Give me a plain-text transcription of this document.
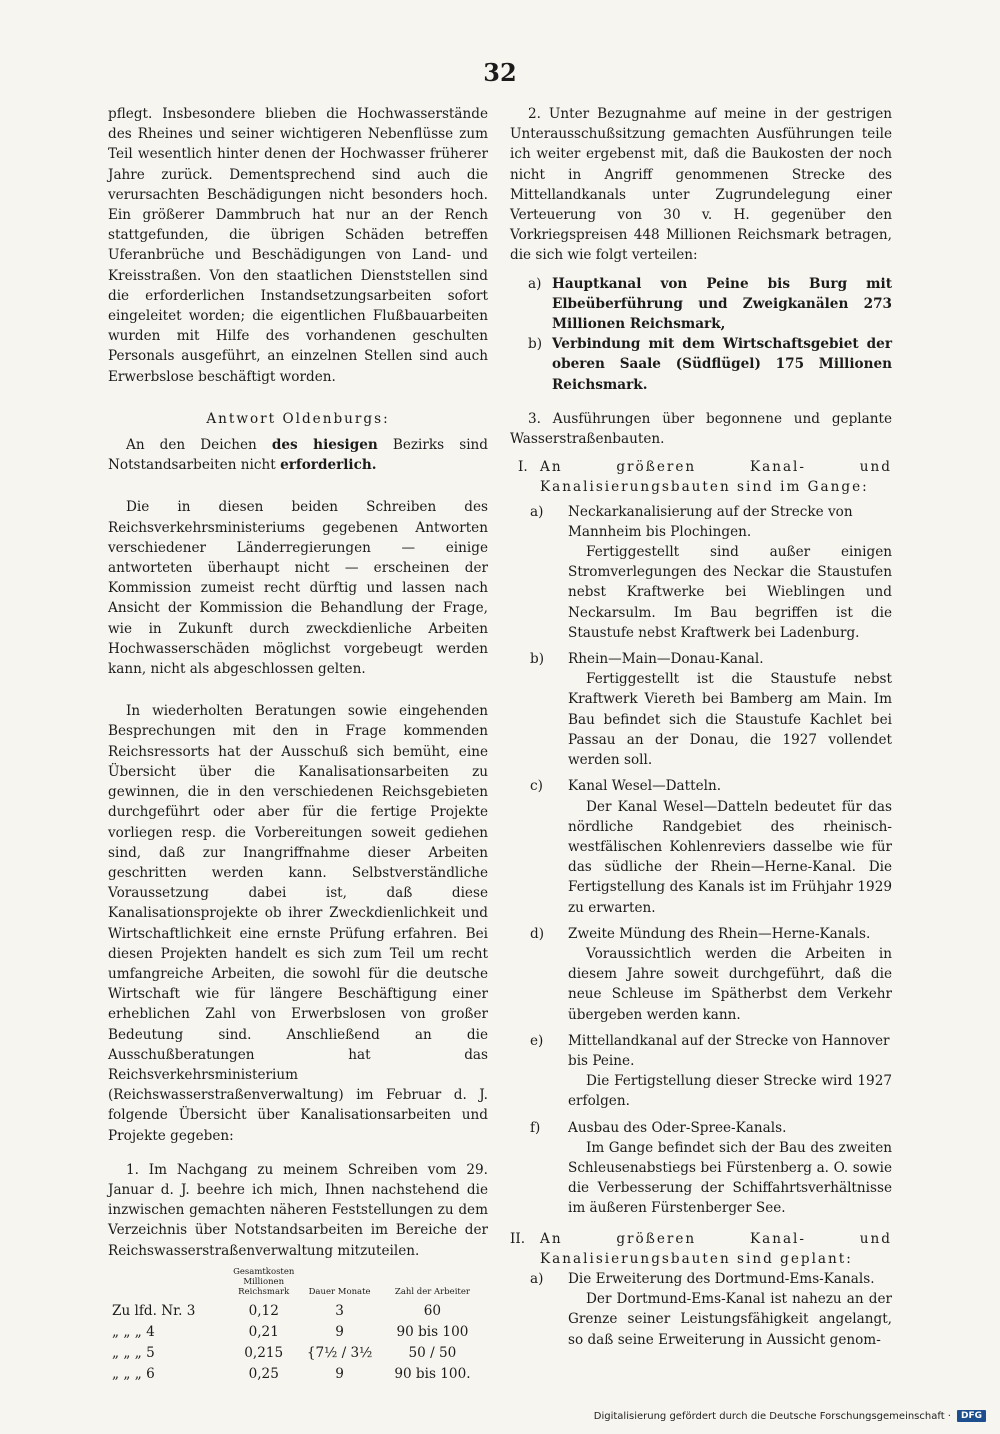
32

pflegt. Insbesondere blieben die Hochwasserstände des Rheines und seiner wichtigeren Nebenflüsse zum Teil wesentlich hinter denen der Hochwasser früherer Jahre zurück. Dementsprechend sind auch die verursachten Beschädigungen nicht besonders hoch. Ein größerer Dammbruch hat nur an der Rench stattgefunden, die übrigen Schäden betreffen Uferanbrüche und Beschädigungen von Land- und Kreisstraßen. Von den staatlichen Dienststellen sind die erforderlichen Instandsetzungsarbeiten sofort eingeleitet worden; die eigentlichen Flußbauarbeiten wurden mit Hilfe des vorhandenen geschulten Personals ausgeführt, an einzelnen Stellen sind auch Erwerbslose beschäftigt worden.

Antwort Oldenburgs:

An den Deichen des hiesigen Bezirks sind Notstandsarbeiten nicht erforderlich.

Die in diesen beiden Schreiben des Reichsverkehrsministeriums gegebenen Antworten verschiedener Länderregierungen — einige antworteten überhaupt nicht — erscheinen der Kommission zumeist recht dürftig und lassen nach Ansicht der Kommission die Behandlung der Frage, wie in Zukunft durch zweckdienliche Arbeiten Hochwasserschäden möglichst vorgebeugt werden kann, nicht als abgeschlossen gelten.

In wiederholten Beratungen sowie eingehenden Besprechungen mit den in Frage kommenden Reichsressorts hat der Ausschuß sich bemüht, eine Übersicht über die Kanalisationsarbeiten zu gewinnen, die in den verschiedenen Reichsgebieten durchgeführt oder aber für die fertige Projekte vorliegen resp. die Vorbereitungen soweit gediehen sind, daß zur Inangriffnahme dieser Arbeiten geschritten werden kann. Selbstverständliche Voraussetzung dabei ist, daß diese Kanalisationsprojekte ob ihrer Zweckdienlichkeit und Wirtschaftlichkeit eine ernste Prüfung erfahren. Bei diesen Projekten handelt es sich zum Teil um recht umfangreiche Arbeiten, die sowohl für die deutsche Wirtschaft wie für längere Beschäftigung einer erheblichen Zahl von Erwerbslosen von großer Bedeutung sind. Anschließend an die Ausschußberatungen hat das Reichsverkehrsministerium (Reichswasserstraßenverwaltung) im Februar d. J. folgende Übersicht über Kanalisationsarbeiten und Projekte gegeben:

1. Im Nachgang zu meinem Schreiben vom 29. Januar d. J. beehre ich mich, Ihnen nachstehend die inzwischen gemachten näheren Feststellungen zu dem Verzeichnis über Notstandsarbeiten im Bereiche der Reichswasserstraßenverwaltung mitzuteilen.

	Gesamtkosten Millionen Reichsmark	Dauer Monate	Zahl der Arbeiter
Zu lfd. Nr. 3	0,12	3	60
„ „ „ 4	0,21	9	90 bis 100
„ „ „ 5	0,215	{7½ / 3½	50 / 50
„ „ „ 6	0,25	9	90 bis 100.

2. Unter Bezugnahme auf meine in der gestrigen Unterausschußsitzung gemachten Ausführungen teile ich weiter ergebenst mit, daß die Baukosten der noch nicht in Angriff genommenen Strecke des Mittellandkanals unter Zugrundelegung einer Verteuerung von 30 v. H. gegenüber den Vorkriegspreisen 448 Millionen Reichsmark betragen, die sich wie folgt verteilen:

a) Hauptkanal von Peine bis Burg mit Elbeüberführung und Zweigkanälen 273 Millionen Reichsmark,

b) Verbindung mit dem Wirtschaftsgebiet der oberen Saale (Südflügel) 175 Millionen Reichsmark.

3. Ausführungen über begonnene und geplante Wasserstraßenbauten.

I. An größeren Kanal- und Kanalisierungsbauten sind im Gange:

a) Neckarkanalisierung auf der Strecke von Mannheim bis Plochingen.

Fertiggestellt sind außer einigen Stromverlegungen des Neckar die Staustufen nebst Kraftwerke bei Wieblingen und Neckarsulm. Im Bau begriffen ist die Staustufe nebst Kraftwerk bei Ladenburg.

b) Rhein—Main—Donau-Kanal.

Fertiggestellt ist die Staustufe nebst Kraftwerk Viereth bei Bamberg am Main. Im Bau befindet sich die Staustufe Kachlet bei Passau an der Donau, die 1927 vollendet werden soll.

c) Kanal Wesel—Datteln.

Der Kanal Wesel—Datteln bedeutet für das nördliche Randgebiet des rheinisch-westfälischen Kohlenreviers dasselbe wie für das südliche der Rhein—Herne-Kanal. Die Fertigstellung des Kanals ist im Frühjahr 1929 zu erwarten.

d) Zweite Mündung des Rhein—Herne-Kanals.

Voraussichtlich werden die Arbeiten in diesem Jahre soweit durchgeführt, daß die neue Schleuse im Spätherbst dem Verkehr übergeben werden kann.

e) Mittellandkanal auf der Strecke von Hannover bis Peine.

Die Fertigstellung dieser Strecke wird 1927 erfolgen.

f) Ausbau des Oder-Spree-Kanals.

Im Gange befindet sich der Bau des zweiten Schleusenabstiegs bei Fürstenberg a. O. sowie die Verbesserung der Schiffahrtsverhältnisse im äußeren Fürstenberger See.

II. An größeren Kanal- und Kanalisierungsbauten sind geplant:

a) Die Erweiterung des Dortmund-Ems-Kanals.

Der Dortmund-Ems-Kanal ist nahezu an der Grenze seiner Leistungsfähigkeit angelangt, so daß seine Erweiterung in Aussicht genom-

Digitalisierung gefördert durch die Deutsche Forschungsgemeinschaft ·	DFG
